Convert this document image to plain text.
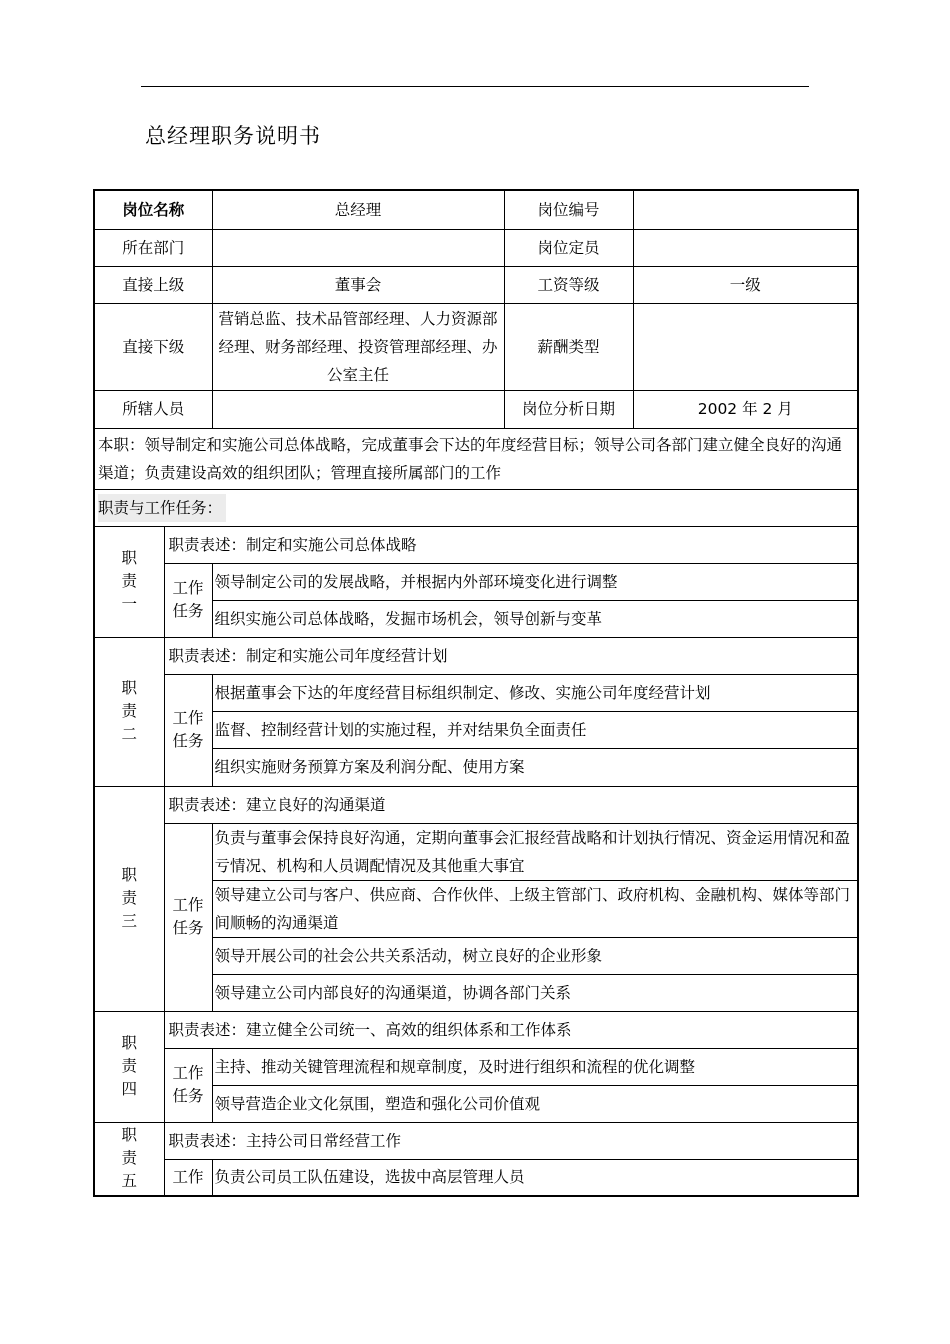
总经理职务说明书
岗位名称		总经理	岗位编号	
所在部门			岗位定员	
直接上级		董事会	工资等级	一级
直接下级		营销总监、技术品管部经理、人力资源部经理、财务部经理、投资管理部经理、办公室主任	薪酬类型	
所辖人员			岗位分析日期	2002 年 2 月
本职：领导制定和实施公司总体战略，完成董事会下达的年度经营目标；领导公司各部门建立健全良好的沟通渠道；负责建设高效的组织团队；管理直接所属部门的工作				
职责与工作任务：				

职
责
一	职责表述：制定和实施公司总体战略			

	工作
任务	领导制定公司的发展战略，并根据内外部环境变化进行调整		
		组织实施公司总体战略，发掘市场机会，领导创新与变革		

职
责
二	职责表述：制定和实施公司年度经营计划			

	工作
任务	根据董事会下达的年度经营目标组织制定、修改、实施公司年度经营计划		
		监督、控制经营计划的实施过程，并对结果负全面责任		
		组织实施财务预算方案及利润分配、使用方案		

职
责
三	职责表述：建立良好的沟通渠道			

	工作
任务	负责与董事会保持良好沟通，定期向董事会汇报经营战略和计划执行情况、资金运用情况和盈亏情况、机构和人员调配情况及其他重大事宜		
		领导建立公司与客户、供应商、合作伙伴、上级主管部门、政府机构、金融机构、媒体等部门间顺畅的沟通渠道		
		领导开展公司的社会公共关系活动，树立良好的企业形象		
		领导建立公司内部良好的沟通渠道，协调各部门关系		

职
责
四	职责表述：建立健全公司统一、高效的组织体系和工作体系			

	工作
任务	主持、推动关键管理流程和规章制度，及时进行组织和流程的优化调整		
		领导营造企业文化氛围，塑造和强化公司价值观		

职
责
五	职责表述：主持公司日常经营工作			

	工作	负责公司员工队伍建设，选拔中高层管理人员		
